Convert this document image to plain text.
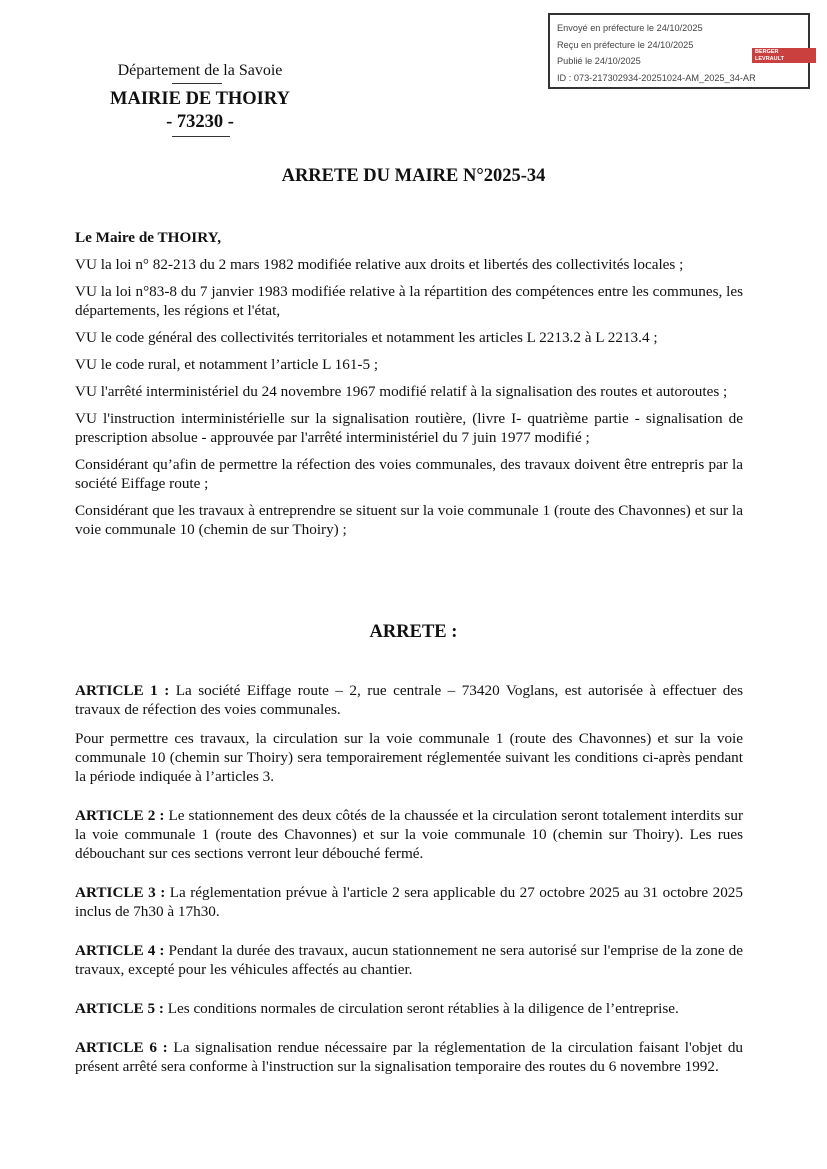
Envoyé en préfecture le 24/10/2025
Reçu en préfecture le 24/10/2025
Publié le 24/10/2025
ID : 073-217302934-20251024-AM_2025_34-AR
BERGER
LEVRAULT
Département de la Savoie
MAIRIE DE THOIRY
- 73230 -
ARRETE DU MAIRE N°2025-34

Le Maire de THOIRY,

VU la loi n° 82-213 du 2 mars 1982 modifiée relative aux droits et libertés des collectivités locales ;

VU la loi n°83-8 du 7 janvier 1983 modifiée relative à la répartition des compétences entre les communes, les départements, les régions et l'état,

VU le code général des collectivités territoriales et notamment les articles L 2213.2 à L 2213.4 ;

VU le code rural, et notamment l’article L 161-5 ;

VU l'arrêté interministériel du 24 novembre 1967 modifié relatif à la signalisation des routes et autoroutes ;

VU l'instruction interministérielle sur la signalisation routière, (livre I- quatrième partie - signalisation de prescription absolue - approuvée par l'arrêté interministériel du 7 juin 1977 modifié ;

Considérant qu’afin de permettre la réfection des voies communales, des travaux doivent être entrepris par la société Eiffage route ;

Considérant que les travaux à entreprendre se situent sur la voie communale 1 (route des Chavonnes) et sur la voie communale 10 (chemin de sur Thoiry) ;

ARRETE :

ARTICLE 1 : La société Eiffage route – 2, rue centrale – 73420 Voglans, est autorisée à effectuer des travaux de réfection des voies communales.

Pour permettre ces travaux, la circulation sur la voie communale 1 (route des Chavonnes) et sur la voie communale 10 (chemin sur Thoiry) sera temporairement réglementée suivant les conditions ci-après pendant la période indiquée à l’articles 3.

ARTICLE 2 : Le stationnement des deux côtés de la chaussée et la circulation seront totalement interdits sur la voie communale 1 (route des Chavonnes) et sur la voie communale 10 (chemin sur Thoiry). Les rues débouchant sur ces sections verront leur débouché fermé.

ARTICLE 3 : La réglementation prévue à l'article 2 sera applicable du 27 octobre 2025 au 31 octobre 2025 inclus de 7h30 à 17h30.

ARTICLE 4 : Pendant la durée des travaux, aucun stationnement ne sera autorisé sur l'emprise de la zone de travaux, excepté pour les véhicules affectés au chantier.

ARTICLE 5 : Les conditions normales de circulation seront rétablies à la diligence de l’entreprise.

ARTICLE 6 : La signalisation rendue nécessaire par la réglementation de la circulation faisant l'objet du présent arrêté sera conforme à l'instruction sur la signalisation temporaire des routes du 6 novembre 1992.
